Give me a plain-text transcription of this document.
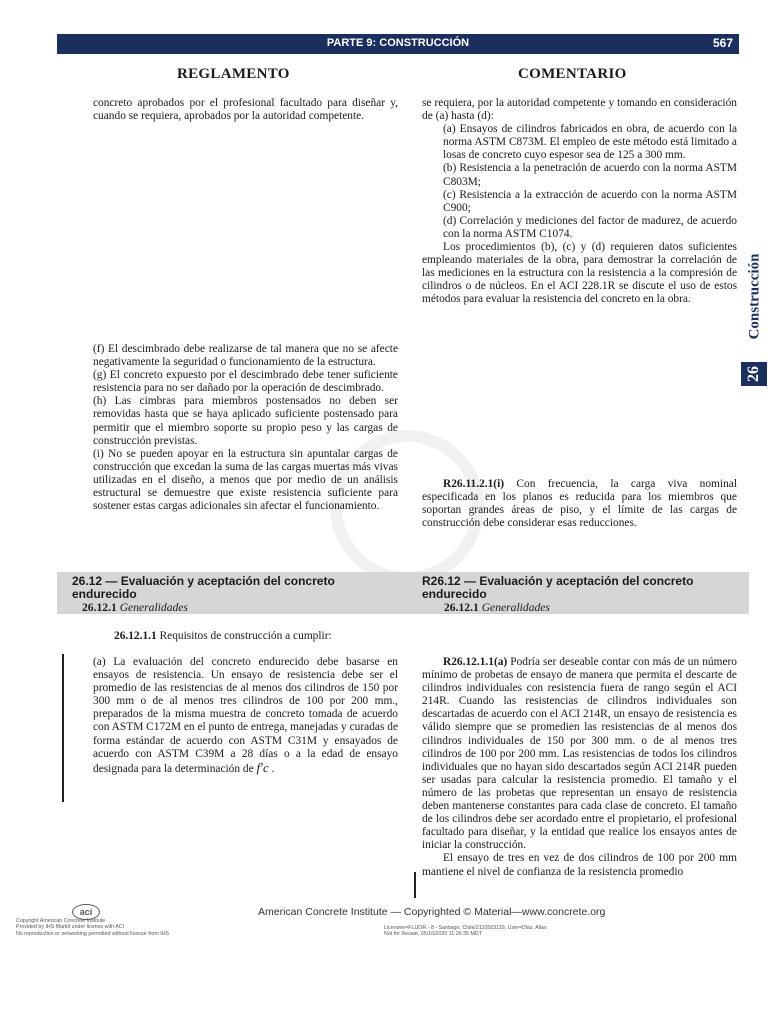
PARTE 9: CONSTRUCCIÓN	567
REGLAMENTO	COMENTARIO
Construcción
26

concreto aprobados por el profesional facultado para diseñar y, cuando se requiera, aprobados por la autoridad competente.

se requiera, por la autoridad competente y tomando en consideración de (a) hasta (d):

(a) Ensayos de cilindros fabricados en obra, de acuerdo con la norma ASTM C873M. El empleo de este método está limitado a losas de concreto cuyo espesor sea de 125 a 300 mm.

(b) Resistencia a la penetración de acuerdo con la norma ASTM C803M;

(c) Resistencia a la extracción de acuerdo con la norma ASTM C900;

(d) Correlación y mediciones del factor de madurez, de acuerdo con la norma ASTM C1074.

Los procedimientos (b), (c) y (d) requieren datos suficientes empleando materiales de la obra, para demostrar la correlación de las mediciones en la estructura con la resistencia a la compresión de cilindros o de núcleos. En el ACI 228.1R se discute el uso de estos métodos para evaluar la resistencia del concreto en la obra.

(f) El descimbrado debe realizarse de tal manera que no se afecte negativamente la seguridad o funcionamiento de la estructura.

(g) El concreto expuesto por el descimbrado debe tener suficiente resistencia para no ser dañado por la operación de descimbrado.

(h) Las cimbras para miembros postensados no deben ser removidas hasta que se haya aplicado suficiente postensado para permitir que el miembro soporte su propio peso y las cargas de construcción previstas.

(i) No se pueden apoyar en la estructura sin apuntalar cargas de construcción que excedan la suma de las cargas muertas más vivas utilizadas en el diseño, a menos que por medio de un análisis estructural se demuestre que existe resistencia suficiente para sostener estas cargas adicionales sin afectar el funcionamiento.

R26.11.2.1(i) Con frecuencia, la carga viva nominal especificada en los planos es reducida para los miembros que soportan grandes áreas de piso, y el límite de las cargas de construcción debe considerar esas reducciones.

26.12 — Evaluación y aceptación del concreto endurecido
R26.12 — Evaluación y aceptación del concreto endurecido
26.12.1 Generalidades	26.12.1 Generalidades

26.12.1.1 Requisitos de construcción a cumplir:

(a) La evaluación del concreto endurecido debe basarse en ensayos de resistencia. Un ensayo de resistencia debe ser el promedio de las resistencias de al menos dos cilindros de 150 por 300 mm o de al menos tres cilindros de 100 por 200 mm., preparados de la misma muestra de concreto tomada de acuerdo con ASTM C172M en el punto de entrega, manejadas y curadas de forma estándar de acuerdo con ASTM C31M y ensayados de acuerdo con ASTM C39M a 28 días o a la edad de ensayo designada para la determinación de f′c .

R26.12.1.1(a) Podría ser deseable contar con más de un número mínimo de probetas de ensayo de manera que permita el descarte de cilindros individuales con resistencia fuera de rango según el ACI 214R. Cuando las resistencias de cilindros individuales son descartadas de acuerdo con el ACI 214R, un ensayo de resistencia es válido siempre que se promedien las resistencias de al menos dos cilindros individuales de 150 por 300 mm. o de al menos tres cilindros de 100 por 200 mm. Las resistencias de todos los cilindros individuales que no hayan sido descartados según ACI 214R pueden ser usadas para calcular la resistencia promedio. El tamaño y el número de las probetas que representan un ensayo de resistencia deben mantenerse constantes para cada clase de concreto. El tamaño de los cilindros debe ser acordado entre el propietario, el profesional facultado para diseñar, y la entidad que realice los ensayos antes de iniciar la construcción.

El ensayo de tres en vez de dos cilindros de 100 por 200 mm mantiene el nivel de confianza de la resistencia promedio

aci
Copyright American Concrete Institute
Provided by IHS Markit under license with ACI
No reproduction or networking permitted without license from IHS
American Concrete Institute — Copyrighted © Material—www.concrete.org
Licensee=FLUOR - 8 - Santiago, Chile/2110503119, User=Diaz, Allan
Not for Resale, 05/16/2020 11:26:35 MDT
